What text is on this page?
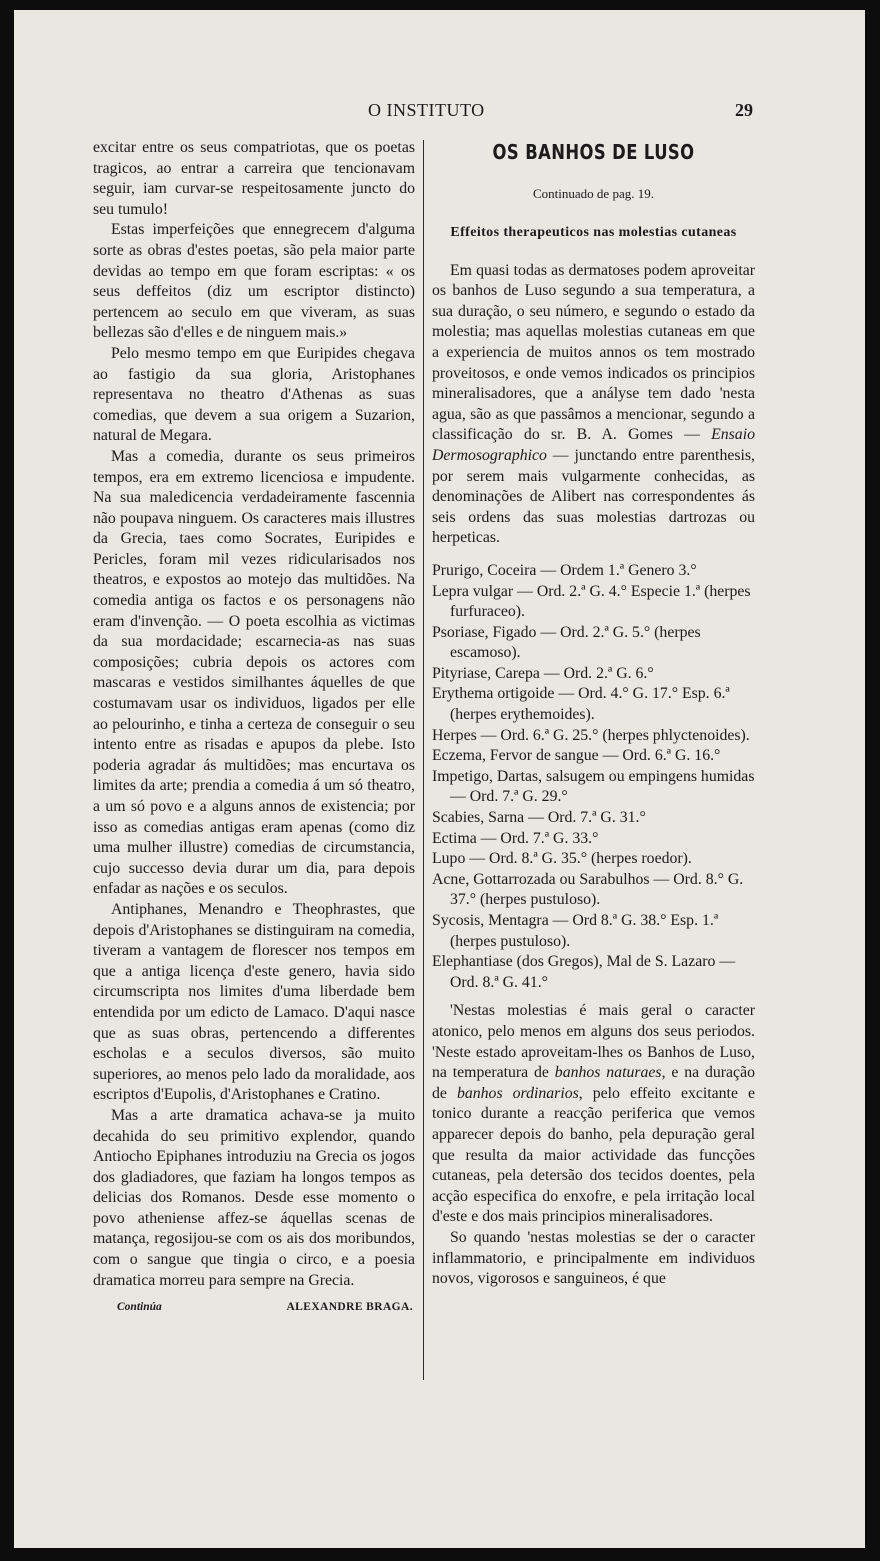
O INSTITUTO	29

excitar entre os seus compatriotas, que os poetas tragicos, ao entrar a carreira que tencionavam seguir, iam curvar-se respeitosamente juncto do seu tumulo!

Estas imperfeições que ennegrecem d'alguma sorte as obras d'estes poetas, são pela maior parte devidas ao tempo em que foram escriptas: « os seus deffeitos (diz um escriptor distincto) pertencem ao seculo em que viveram, as suas bellezas são d'elles e de ninguem mais.»

Pelo mesmo tempo em que Euripides chegava ao fastigio da sua gloria, Aristophanes representava no theatro d'Athenas as suas comedias, que devem a sua origem a Suzarion, natural de Megara.

Mas a comedia, durante os seus primeiros tempos, era em extremo licenciosa e impudente. Na sua maledicencia verdadeiramente fascennia não poupava ninguem. Os caracteres mais illustres da Grecia, taes como Socrates, Euripides e Pericles, foram mil vezes ridicularisados nos theatros, e expostos ao motejo das multidões. Na comedia antiga os factos e os personagens não eram d'invenção. — O poeta escolhia as victimas da sua mordacidade; escarnecia-as nas suas composições; cubria depois os actores com mascaras e vestidos similhantes áquelles de que costumavam usar os individuos, ligados per elle ao pelourinho, e tinha a certeza de conseguir o seu intento entre as risadas e apupos da plebe. Isto poderia agradar ás multidões; mas encurtava os limites da arte; prendia a comedia á um só theatro, a um só povo e a alguns annos de existencia; por isso as comedias antigas eram apenas (como diz uma mulher illustre) comedias de circumstancia, cujo successo devia durar um dia, para depois enfadar as nações e os seculos.

Antiphanes, Menandro e Theophrastes, que depois d'Aristophanes se distinguiram na comedia, tiveram a vantagem de florescer nos tempos em que a antiga licença d'este genero, havia sido circumscripta nos limites d'uma liberdade bem entendida por um edicto de Lamaco. D'aqui nasce que as suas obras, pertencendo a differentes escholas e a seculos diversos, são muito superiores, ao menos pelo lado da moralidade, aos escriptos d'Eupolis, d'Aristophanes e Cratino.

Mas a arte dramatica achava-se ja muito decahida do seu primitivo explendor, quando Antiocho Epiphanes introduziu na Grecia os jogos dos gladiadores, que faziam ha longos tempos as delicias dos Romanos. Desde esse momento o povo atheniense affez-se áquellas scenas de matança, regosijou-se com os ais dos moribundos, com o sangue que tingia o circo, e a poesia dramatica morreu para sempre na Grecia.

Continúa	ALEXANDRE BRAGA.
OS BANHOS DE LUSO
Continuado de pag. 19.
Effeitos therapeuticos nas molestias cutaneas

Em quasi todas as dermatoses podem aproveitar os banhos de Luso segundo a sua temperatura, a sua duração, o seu número, e segundo o estado da molestia; mas aquellas molestias cutaneas em que a experiencia de muitos annos os tem mostrado proveitosos, e onde vemos indicados os principios mineralisadores, que a anályse tem dado 'nesta agua, são as que passâmos a mencionar, segundo a classificação do sr. B. A. Gomes — Ensaio Dermosographico — junctando entre parenthesis, por serem mais vulgarmente conhecidas, as denominações de Alibert nas correspondentes ás seis ordens das suas molestias dartrozas ou herpeticas.

Prurigo, Coceira — Ordem 1.ª Genero 3.°
Lepra vulgar — Ord. 2.ª G. 4.° Especie 1.ª (herpes furfuraceo).
Psoriase, Figado — Ord. 2.ª G. 5.° (herpes escamoso).
Pityriase, Carepa — Ord. 2.ª G. 6.°
Erythema ortigoide — Ord. 4.° G. 17.° Esp. 6.ª (herpes erythemoides).
Herpes — Ord. 6.ª G. 25.° (herpes phlyctenoides).
Eczema, Fervor de sangue — Ord. 6.ª G. 16.°
Impetigo, Dartas, salsugem ou empingens humidas — Ord. 7.ª G. 29.°
Scabies, Sarna — Ord. 7.ª G. 31.°
Ectima — Ord. 7.ª G. 33.°
Lupo — Ord. 8.ª G. 35.° (herpes roedor).
Acne, Gottarrozada ou Sarabulhos — Ord. 8.° G. 37.° (herpes pustuloso).
Sycosis, Mentagra — Ord 8.ª G. 38.° Esp. 1.ª (herpes pustuloso).
Elephantiase (dos Gregos), Mal de S. Lazaro — Ord. 8.ª G. 41.°

'Nestas molestias é mais geral o caracter atonico, pelo menos em alguns dos seus periodos. 'Neste estado aproveitam-lhes os Banhos de Luso, na temperatura de banhos naturaes, e na duração de banhos ordinarios, pelo effeito excitante e tonico durante a reacção periferica que vemos apparecer depois do banho, pela depuração geral que resulta da maior actividade das funcções cutaneas, pela detersão dos tecidos doentes, pela acção especifica do enxofre, e pela irritação local d'este e dos mais principios mineralisadores.

So quando 'nestas molestias se der o caracter inflammatorio, e principalmente em individuos novos, vigorosos e sanguineos, é que
